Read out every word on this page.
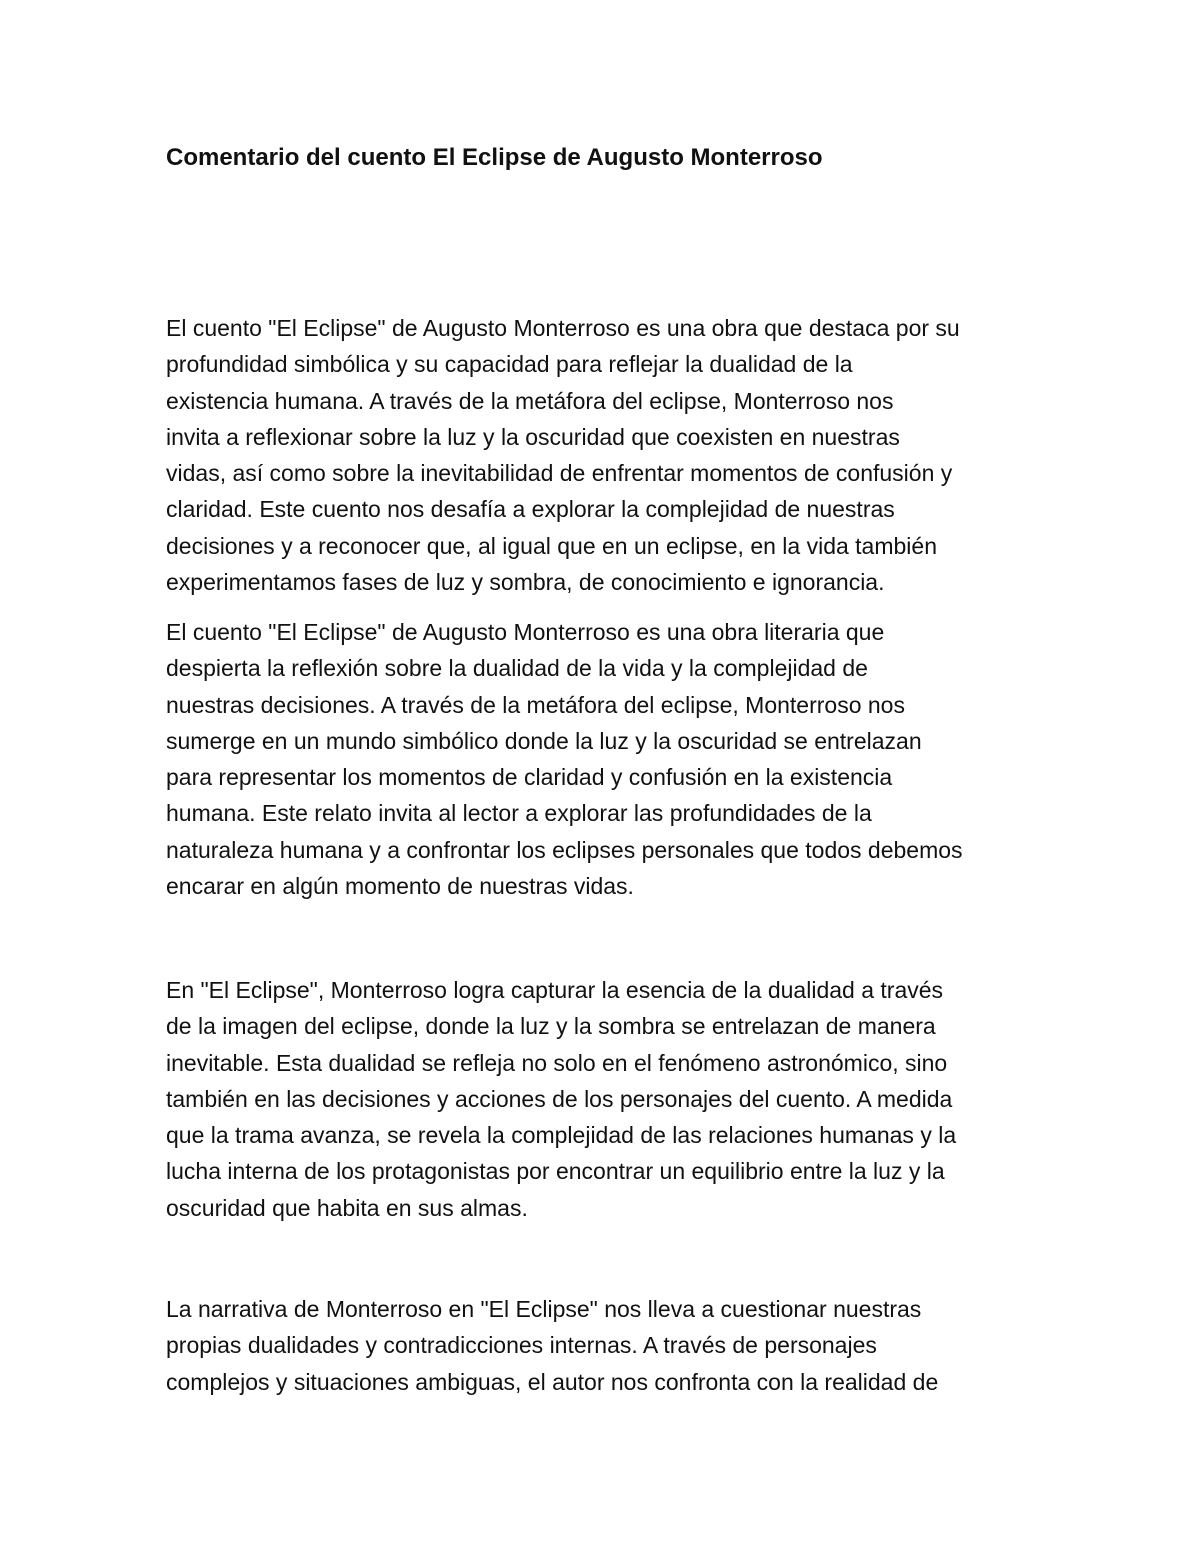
Comentario del cuento El Eclipse de Augusto Monterroso

El cuento "El Eclipse" de Augusto Monterroso es una obra que destaca por su
profundidad simbólica y su capacidad para reflejar la dualidad de la
existencia humana. A través de la metáfora del eclipse, Monterroso nos
invita a reflexionar sobre la luz y la oscuridad que coexisten en nuestras
vidas, así como sobre la inevitabilidad de enfrentar momentos de confusión y
claridad. Este cuento nos desafía a explorar la complejidad de nuestras
decisiones y a reconocer que, al igual que en un eclipse, en la vida también
experimentamos fases de luz y sombra, de conocimiento e ignorancia.

El cuento "El Eclipse" de Augusto Monterroso es una obra literaria que
despierta la reflexión sobre la dualidad de la vida y la complejidad de
nuestras decisiones. A través de la metáfora del eclipse, Monterroso nos
sumerge en un mundo simbólico donde la luz y la oscuridad se entrelazan
para representar los momentos de claridad y confusión en la existencia
humana. Este relato invita al lector a explorar las profundidades de la
naturaleza humana y a confrontar los eclipses personales que todos debemos
encarar en algún momento de nuestras vidas.

En "El Eclipse", Monterroso logra capturar la esencia de la dualidad a través
de la imagen del eclipse, donde la luz y la sombra se entrelazan de manera
inevitable. Esta dualidad se refleja no solo en el fenómeno astronómico, sino
también en las decisiones y acciones de los personajes del cuento. A medida
que la trama avanza, se revela la complejidad de las relaciones humanas y la
lucha interna de los protagonistas por encontrar un equilibrio entre la luz y la
oscuridad que habita en sus almas.

La narrativa de Monterroso en "El Eclipse" nos lleva a cuestionar nuestras
propias dualidades y contradicciones internas. A través de personajes
complejos y situaciones ambiguas, el autor nos confronta con la realidad de
